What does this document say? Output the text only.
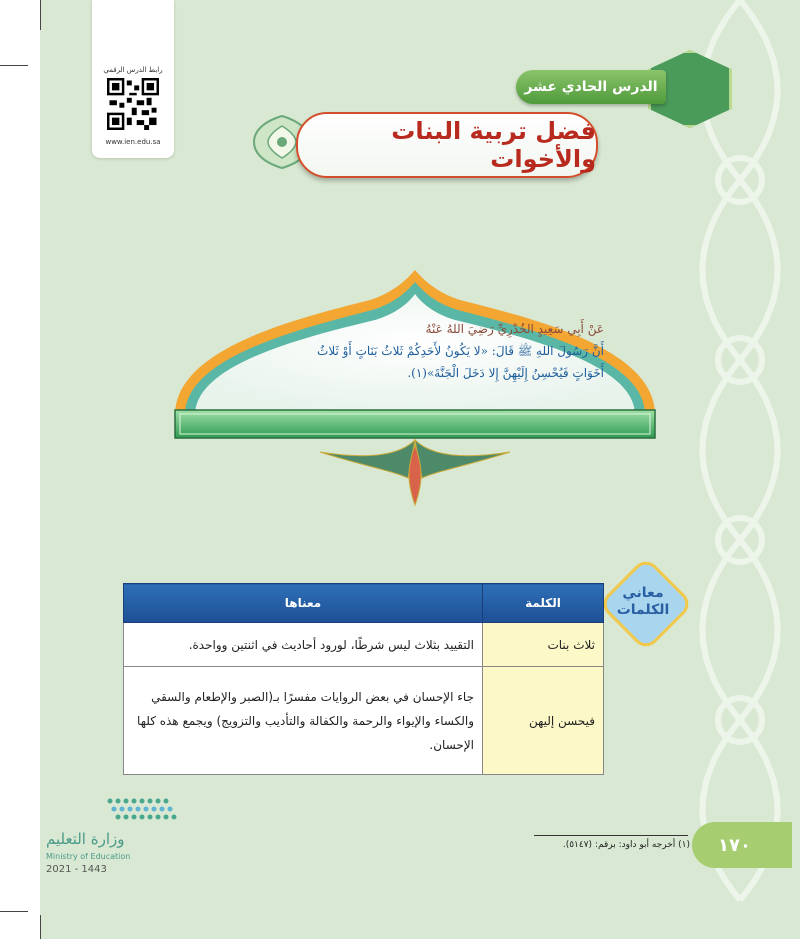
رابط الدرس الرقمي
www.ien.edu.sa
الدرس الحادي عشر
فضل تربية البنات والأخوات
عَنْ أَبِي سَعِيدٍ الخُدْرِيِّ رَضِيَ اللهُ عَنْهُ
أَنَّ رَسُولَ اللهِ ﷺ قَالَ: «لا يَكُونُ لأَحَدِكُمْ ثَلاثُ بَنَاتٍ أَوْ ثَلاثُ
أَخَوَاتٍ فَيُحْسِنُ إِلَيْهِنَّ إِلا دَخَلَ الْجَنَّةَ»(١).
معاني
الكلمات
الكلمة	معناها
ثلاث بنات	التقييد بثلاث ليس شرطًا، لورود أحاديث في اثنتين وواحدة.
فيحسن إليهن	جاء الإحسان في بعض الروايات مفسرًا بـ(الصبر والإطعام والسقي والكساء والإيواء والرحمة والكفالة والتأديب والتزويج) ويجمع هذه كلها الإحسان.
وزارة التعليم
Ministry of Education
2021 - 1443
(١) أخرجه أبو داود: برقم: (٥١٤٧).	١٧٠
